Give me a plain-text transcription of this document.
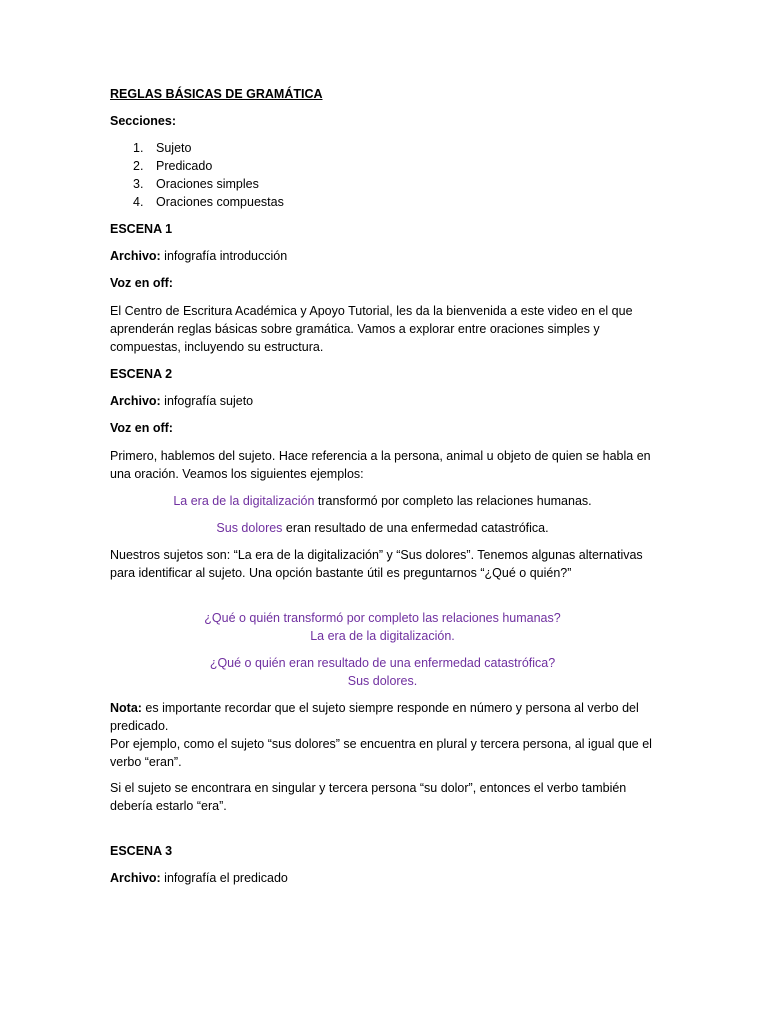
REGLAS BÁSICAS DE GRAMÁTICA

Secciones:

1. Sujeto
2. Predicado
3. Oraciones simples
4. Oraciones compuestas

ESCENA 1

Archivo: infografía introducción

Voz en off:

El Centro de Escritura Académica y Apoyo Tutorial, les da la bienvenida a este video en el que aprenderán reglas básicas sobre gramática. Vamos a explorar entre oraciones simples y compuestas, incluyendo su estructura.

ESCENA 2

Archivo: infografía sujeto

Voz en off:

Primero, hablemos del sujeto. Hace referencia a la persona, animal u objeto de quien se habla en una oración. Veamos los siguientes ejemplos:

La era de la digitalización transformó por completo las relaciones humanas.

Sus dolores eran resultado de una enfermedad catastrófica.

Nuestros sujetos son: “La era de la digitalización” y “Sus dolores”. Tenemos algunas alternativas para identificar al sujeto. Una opción bastante útil es preguntarnos “¿Qué o quién?”

¿Qué o quién transformó por completo las relaciones humanas?

La era de la digitalización.

¿Qué o quién eran resultado de una enfermedad catastrófica?

Sus dolores.

Nota: es importante recordar que el sujeto siempre responde en número y persona al verbo del predicado.

Por ejemplo, como el sujeto “sus dolores” se encuentra en plural y tercera persona, al igual que el verbo “eran”.

Si el sujeto se encontrara en singular y tercera persona “su dolor”, entonces el verbo también debería estarlo “era”.

ESCENA 3

Archivo: infografía el predicado
